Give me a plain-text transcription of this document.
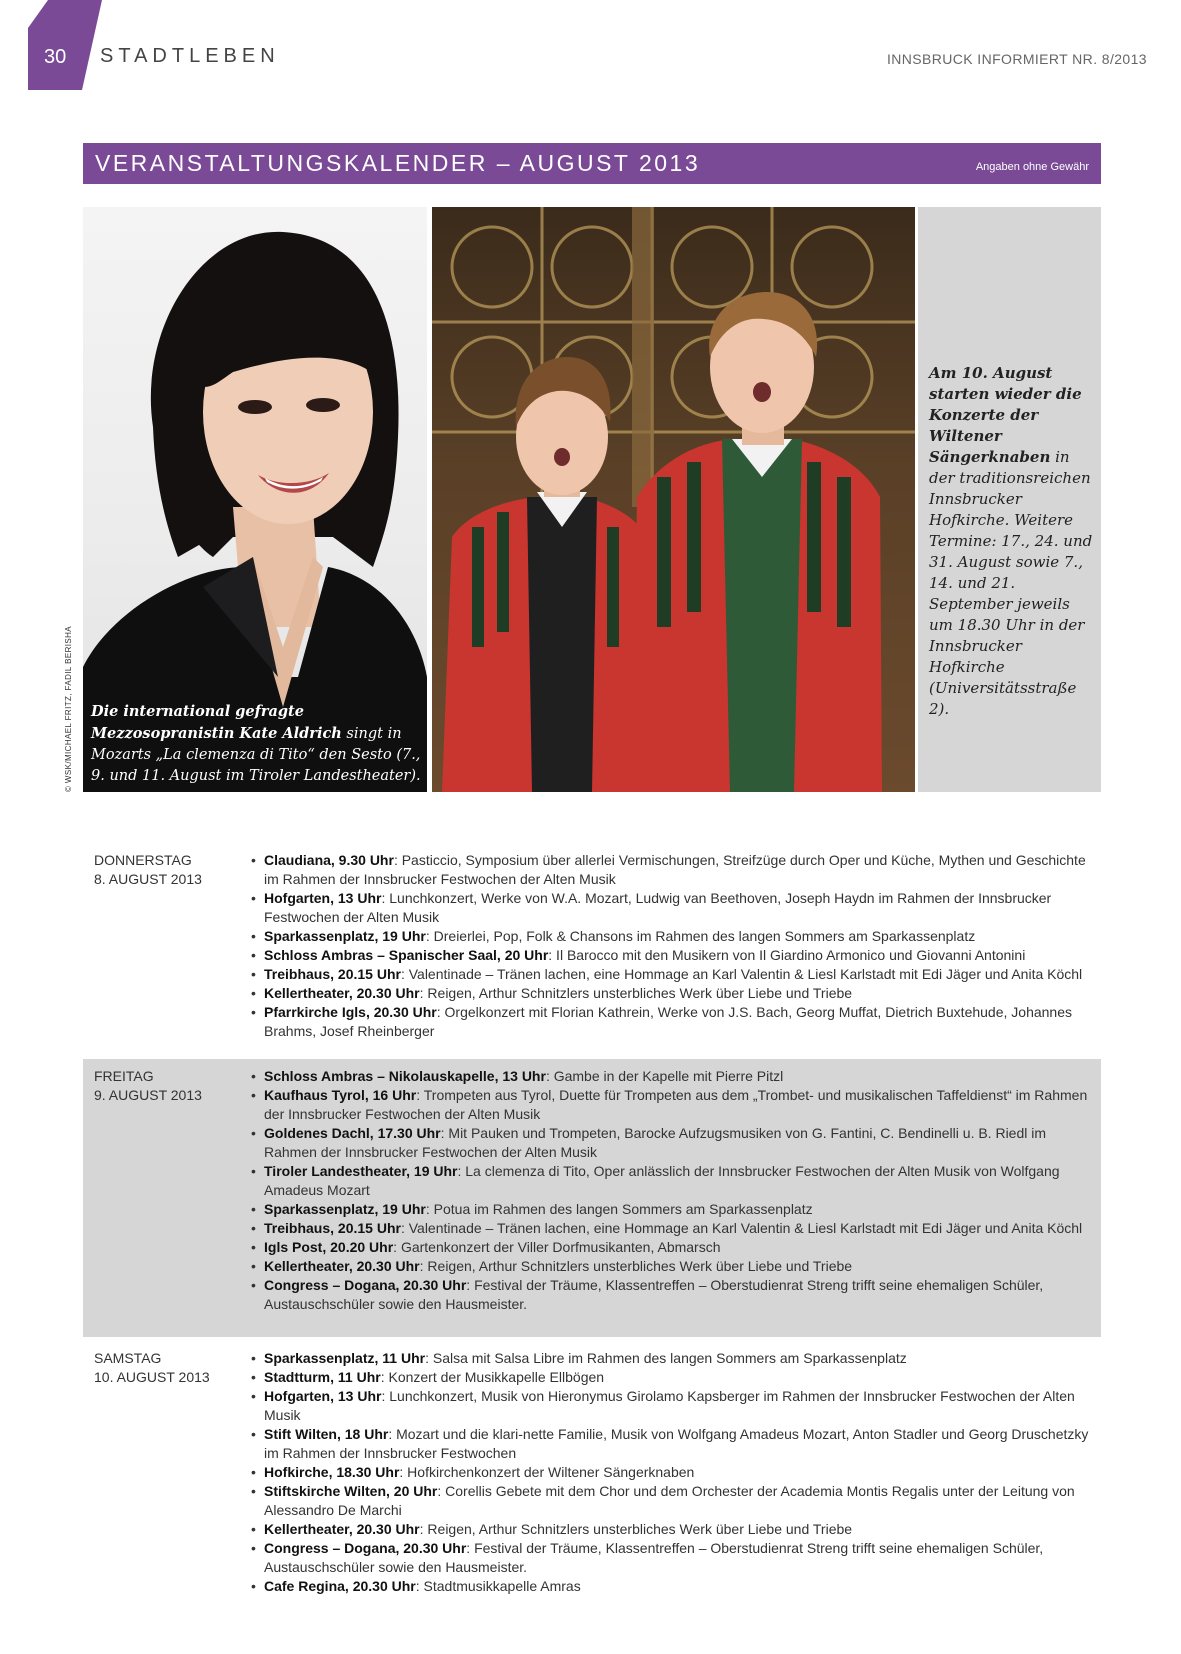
30 STADTLEBEN	INNSBRUCK INFORMIERT NR. 8/2013
VERANSTALTUNGSKALENDER – AUGUST 2013	Angaben ohne Gewähr
© WSK/MICHAEL FRITZ, FADIL BERISHA Die international gefragte Mezzosopranistin Kate Aldrich singt in Mozarts „La clemenza di Tito“ den Sesto (7., 9. und 11. August im Tiroler Landestheater).
Am 10. August starten wieder die Konzerte der Wiltener Sängerknaben in der traditionsreichen Innsbrucker Hofkirche. Weitere Termine: 17., 24. und 31. August sowie 7., 14. und 21. September jeweils um 18.30 Uhr in der Innsbrucker Hofkirche (Universitätsstraße 2).
DONNERSTAG
8. AUGUST 2013
• Claudiana, 9.30 Uhr: Pasticcio, Symposium über allerlei Vermischungen, Streifzüge durch Oper und Küche, Mythen und Geschichte im Rahmen der Innsbrucker Festwochen der Alten Musik
• Hofgarten, 13 Uhr: Lunchkonzert, Werke von W.A. Mozart, Ludwig van Beethoven, Joseph Haydn im Rahmen der Innsbrucker Festwochen der Alten Musik
• Sparkassenplatz, 19 Uhr: Dreierlei, Pop, Folk & Chansons im Rahmen des langen Sommers am Sparkassenplatz
• Schloss Ambras – Spanischer Saal, 20 Uhr: Il Barocco mit den Musikern von Il Giardino Armonico und Giovanni Antonini
• Treibhaus, 20.15 Uhr: Valentinade – Tränen lachen, eine Hommage an Karl Valentin & Liesl Karlstadt mit Edi Jäger und Anita Köchl
• Kellertheater, 20.30 Uhr: Reigen, Arthur Schnitzlers unsterbliches Werk über Liebe und Triebe
• Pfarrkirche Igls, 20.30 Uhr: Orgelkonzert mit Florian Kathrein, Werke von J.S. Bach, Georg Muffat, Dietrich Buxtehude, Johannes Brahms, Josef Rheinberger
FREITAG
9. AUGUST 2013
• Schloss Ambras – Nikolauskapelle, 13 Uhr: Gambe in der Kapelle mit Pierre Pitzl
• Kaufhaus Tyrol, 16 Uhr: Trompeten aus Tyrol, Duette für Trompeten aus dem „Trombet- und musikalischen Taffeldienst“ im Rahmen der Innsbrucker Festwochen der Alten Musik
• Goldenes Dachl, 17.30 Uhr: Mit Pauken und Trompeten, Barocke Aufzugsmusiken von G. Fantini, C. Bendinelli u. B. Riedl im Rahmen der Innsbrucker Festwochen der Alten Musik
• Tiroler Landestheater, 19 Uhr: La clemenza di Tito, Oper anlässlich der Innsbrucker Festwochen der Alten Musik von Wolfgang Amadeus Mozart
• Sparkassenplatz, 19 Uhr: Potua im Rahmen des langen Sommers am Sparkassenplatz
• Treibhaus, 20.15 Uhr: Valentinade – Tränen lachen, eine Hommage an Karl Valentin & Liesl Karlstadt mit Edi Jäger und Anita Köchl
• Igls Post, 20.20 Uhr: Gartenkonzert der Viller Dorfmusikanten, Abmarsch
• Kellertheater, 20.30 Uhr: Reigen, Arthur Schnitzlers unsterbliches Werk über Liebe und Triebe
• Congress – Dogana, 20.30 Uhr: Festival der Träume, Klassentreffen – Oberstudienrat Streng trifft seine ehemaligen Schüler, Austauschschüler sowie den Hausmeister.
SAMSTAG
10. AUGUST 2013
• Sparkassenplatz, 11 Uhr: Salsa mit Salsa Libre im Rahmen des langen Sommers am Sparkassenplatz
• Stadtturm, 11 Uhr: Konzert der Musikkapelle Ellbögen
• Hofgarten, 13 Uhr: Lunchkonzert, Musik von Hieronymus Girolamo Kapsberger im Rahmen der Innsbrucker Festwochen der Alten Musik
• Stift Wilten, 18 Uhr: Mozart und die klari-nette Familie, Musik von Wolfgang Amadeus Mozart, Anton Stadler und Georg Druschetzky im Rahmen der Innsbrucker Festwochen
• Hofkirche, 18.30 Uhr: Hofkirchenkonzert der Wiltener Sängerknaben
• Stiftskirche Wilten, 20 Uhr: Corellis Gebete mit dem Chor und dem Orchester der Academia Montis Regalis unter der Leitung von Alessandro De Marchi
• Kellertheater, 20.30 Uhr: Reigen, Arthur Schnitzlers unsterbliches Werk über Liebe und Triebe
• Congress – Dogana, 20.30 Uhr: Festival der Träume, Klassentreffen – Oberstudienrat Streng trifft seine ehemaligen Schüler, Austauschschüler sowie den Hausmeister.
• Cafe Regina, 20.30 Uhr: Stadtmusikkapelle Amras
